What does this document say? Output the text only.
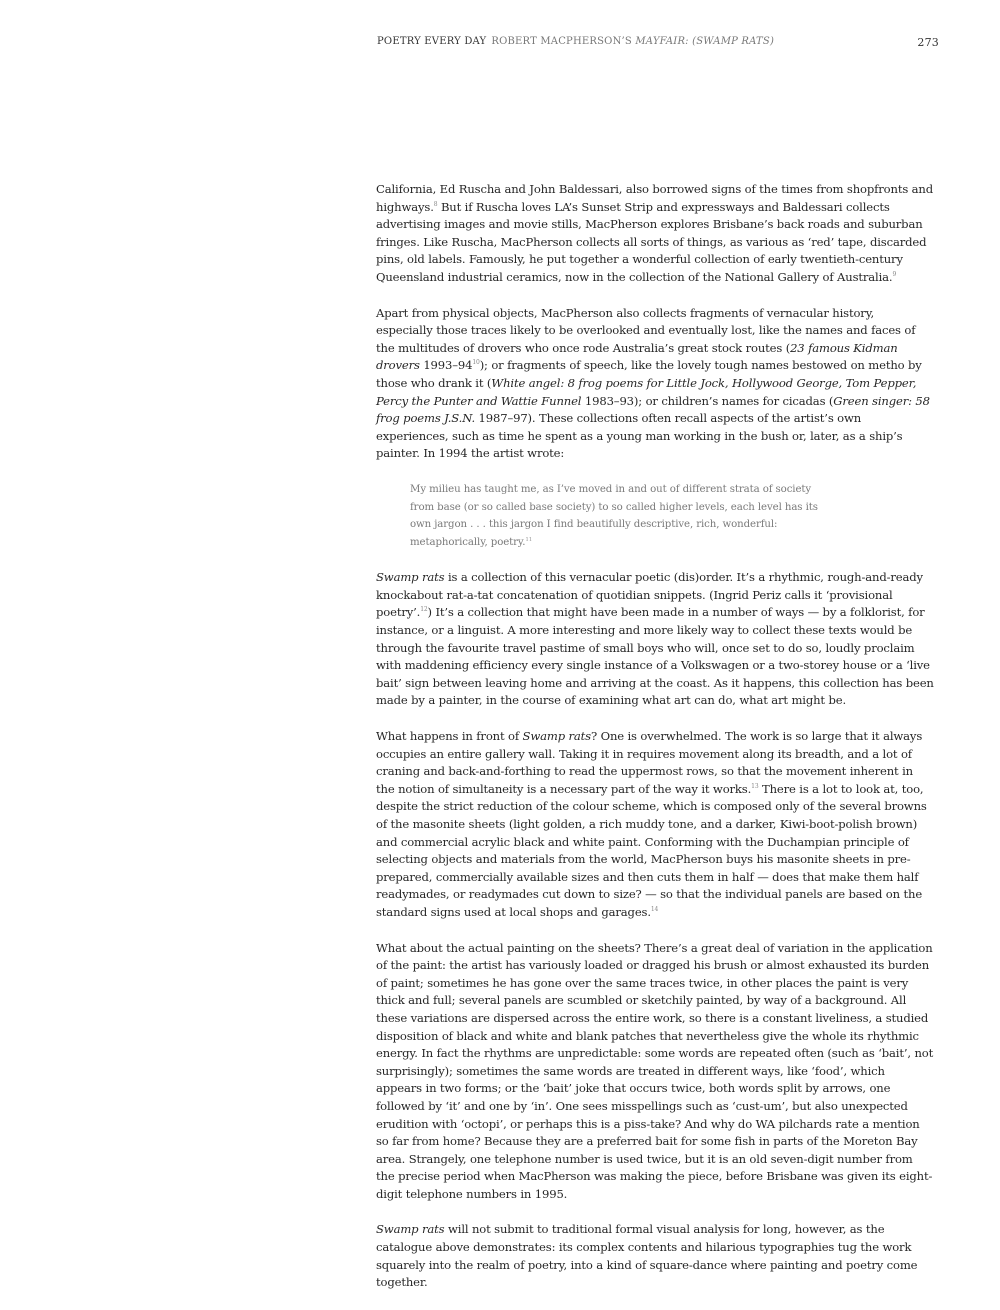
POETRY EVERY DAY ROBERT MACPHERSON’S MAYFAIR: (SWAMP RATS)	273

California, Ed Ruscha and John Baldessari, also borrowed signs of the times from shopfronts and highways.$^8$ But if Ruscha loves LA’s Sunset Strip and expressways and Baldessari collects advertising images and movie stills, MacPherson explores Brisbane’s back roads and suburban fringes. Like Ruscha, MacPherson collects all sorts of things, as various as ‘red’ tape, discarded pins, old labels. Famously, he put together a wonderful collection of early twentieth-century Queensland industrial ceramics, now in the collection of the National Gallery of Australia.$^9$

Apart from physical objects, MacPherson also collects fragments of vernacular history, especially those traces likely to be overlooked and eventually lost, like the names and faces of the multitudes of drovers who once rode Australia’s great stock routes (23 famous Kidman drovers $1993-94^{10}$); or fragments of speech, like the lovely tough names bestowed on metho by those who drank it (White angel: 8 frog poems for Little Jock, Hollywood George, Tom Pepper, Percy the Punter and Wattie Funnel 1983–93); or children’s names for cicadas (Green singer: 58 frog poems J.S.N. 1987–97). These collections often recall aspects of the artist’s own experiences, such as time he spent as a young man working in the bush or, later, as a ship’s painter. In 1994 the artist wrote:

My milieu has taught me, as I’ve moved in and out of different strata of society from base (or so called base society) to so called higher levels, each level has its own jargon . . . this jargon I find beautifully descriptive, rich, wonderful: metaphorically, poetry.$^{11}$

Swamp rats is a collection of this vernacular poetic (dis)order. It’s a rhythmic, rough-and-ready knockabout rat-a-tat concatenation of quotidian snippets. (Ingrid Periz calls it ‘provisional poetry’.$^{12}$) It’s a collection that might have been made in a number of ways — by a folklorist, for instance, or a linguist. A more interesting and more likely way to collect these texts would be through the favourite travel pastime of small boys who will, once set to do so, loudly proclaim with maddening efficiency every single instance of a Volkswagen or a two-storey house or a ‘live bait’ sign between leaving home and arriving at the coast. As it happens, this collection has been made by a painter, in the course of examining what art can do, what art might be.

What happens in front of Swamp rats? One is overwhelmed. The work is so large that it always occupies an entire gallery wall. Taking it in requires movement along its breadth, and a lot of craning and back-and-forthing to read the uppermost rows, so that the movement inherent in the notion of simultaneity is a necessary part of the way it works.$^{13}$ There is a lot to look at, too, despite the strict reduction of the colour scheme, which is composed only of the several browns of the masonite sheets (light golden, a rich muddy tone, and a darker, Kiwi-boot-polish brown) and commercial acrylic black and white paint. Conforming with the Duchampian principle of selecting objects and materials from the world, MacPherson buys his masonite sheets in pre-prepared, commercially available sizes and then cuts them in half — does that make them half readymades, or readymades cut down to size? — so that the individual panels are based on the standard signs used at local shops and garages.$^{14}$

What about the actual painting on the sheets? There’s a great deal of variation in the application of the paint: the artist has variously loaded or dragged his brush or almost exhausted its burden of paint; sometimes he has gone over the same traces twice, in other places the paint is very thick and full; several panels are scumbled or sketchily painted, by way of a background. All these variations are dispersed across the entire work, so there is a constant liveliness, a studied disposition of black and white and blank patches that nevertheless give the whole its rhythmic energy. In fact the rhythms are unpredictable: some words are repeated often (such as ‘bait’, not surprisingly); sometimes the same words are treated in different ways, like ‘food’, which appears in two forms; or the ‘bait’ joke that occurs twice, both words split by arrows, one followed by ‘it’ and one by ‘in’. One sees misspellings such as ‘cust-um’, but also unexpected erudition with ‘octopi’, or perhaps this is a piss-take? And why do WA pilchards rate a mention so far from home? Because they are a preferred bait for some fish in parts of the Moreton Bay area. Strangely, one telephone number is used twice, but it is an old seven-digit number from the precise period when MacPherson was making the piece, before Brisbane was given its eight-digit telephone numbers in 1995.

Swamp rats will not submit to traditional formal visual analysis for long, however, as the catalogue above demonstrates: its complex contents and hilarious typographies tug the work squarely into the realm of poetry, into a kind of square-dance where painting and poetry come together.
